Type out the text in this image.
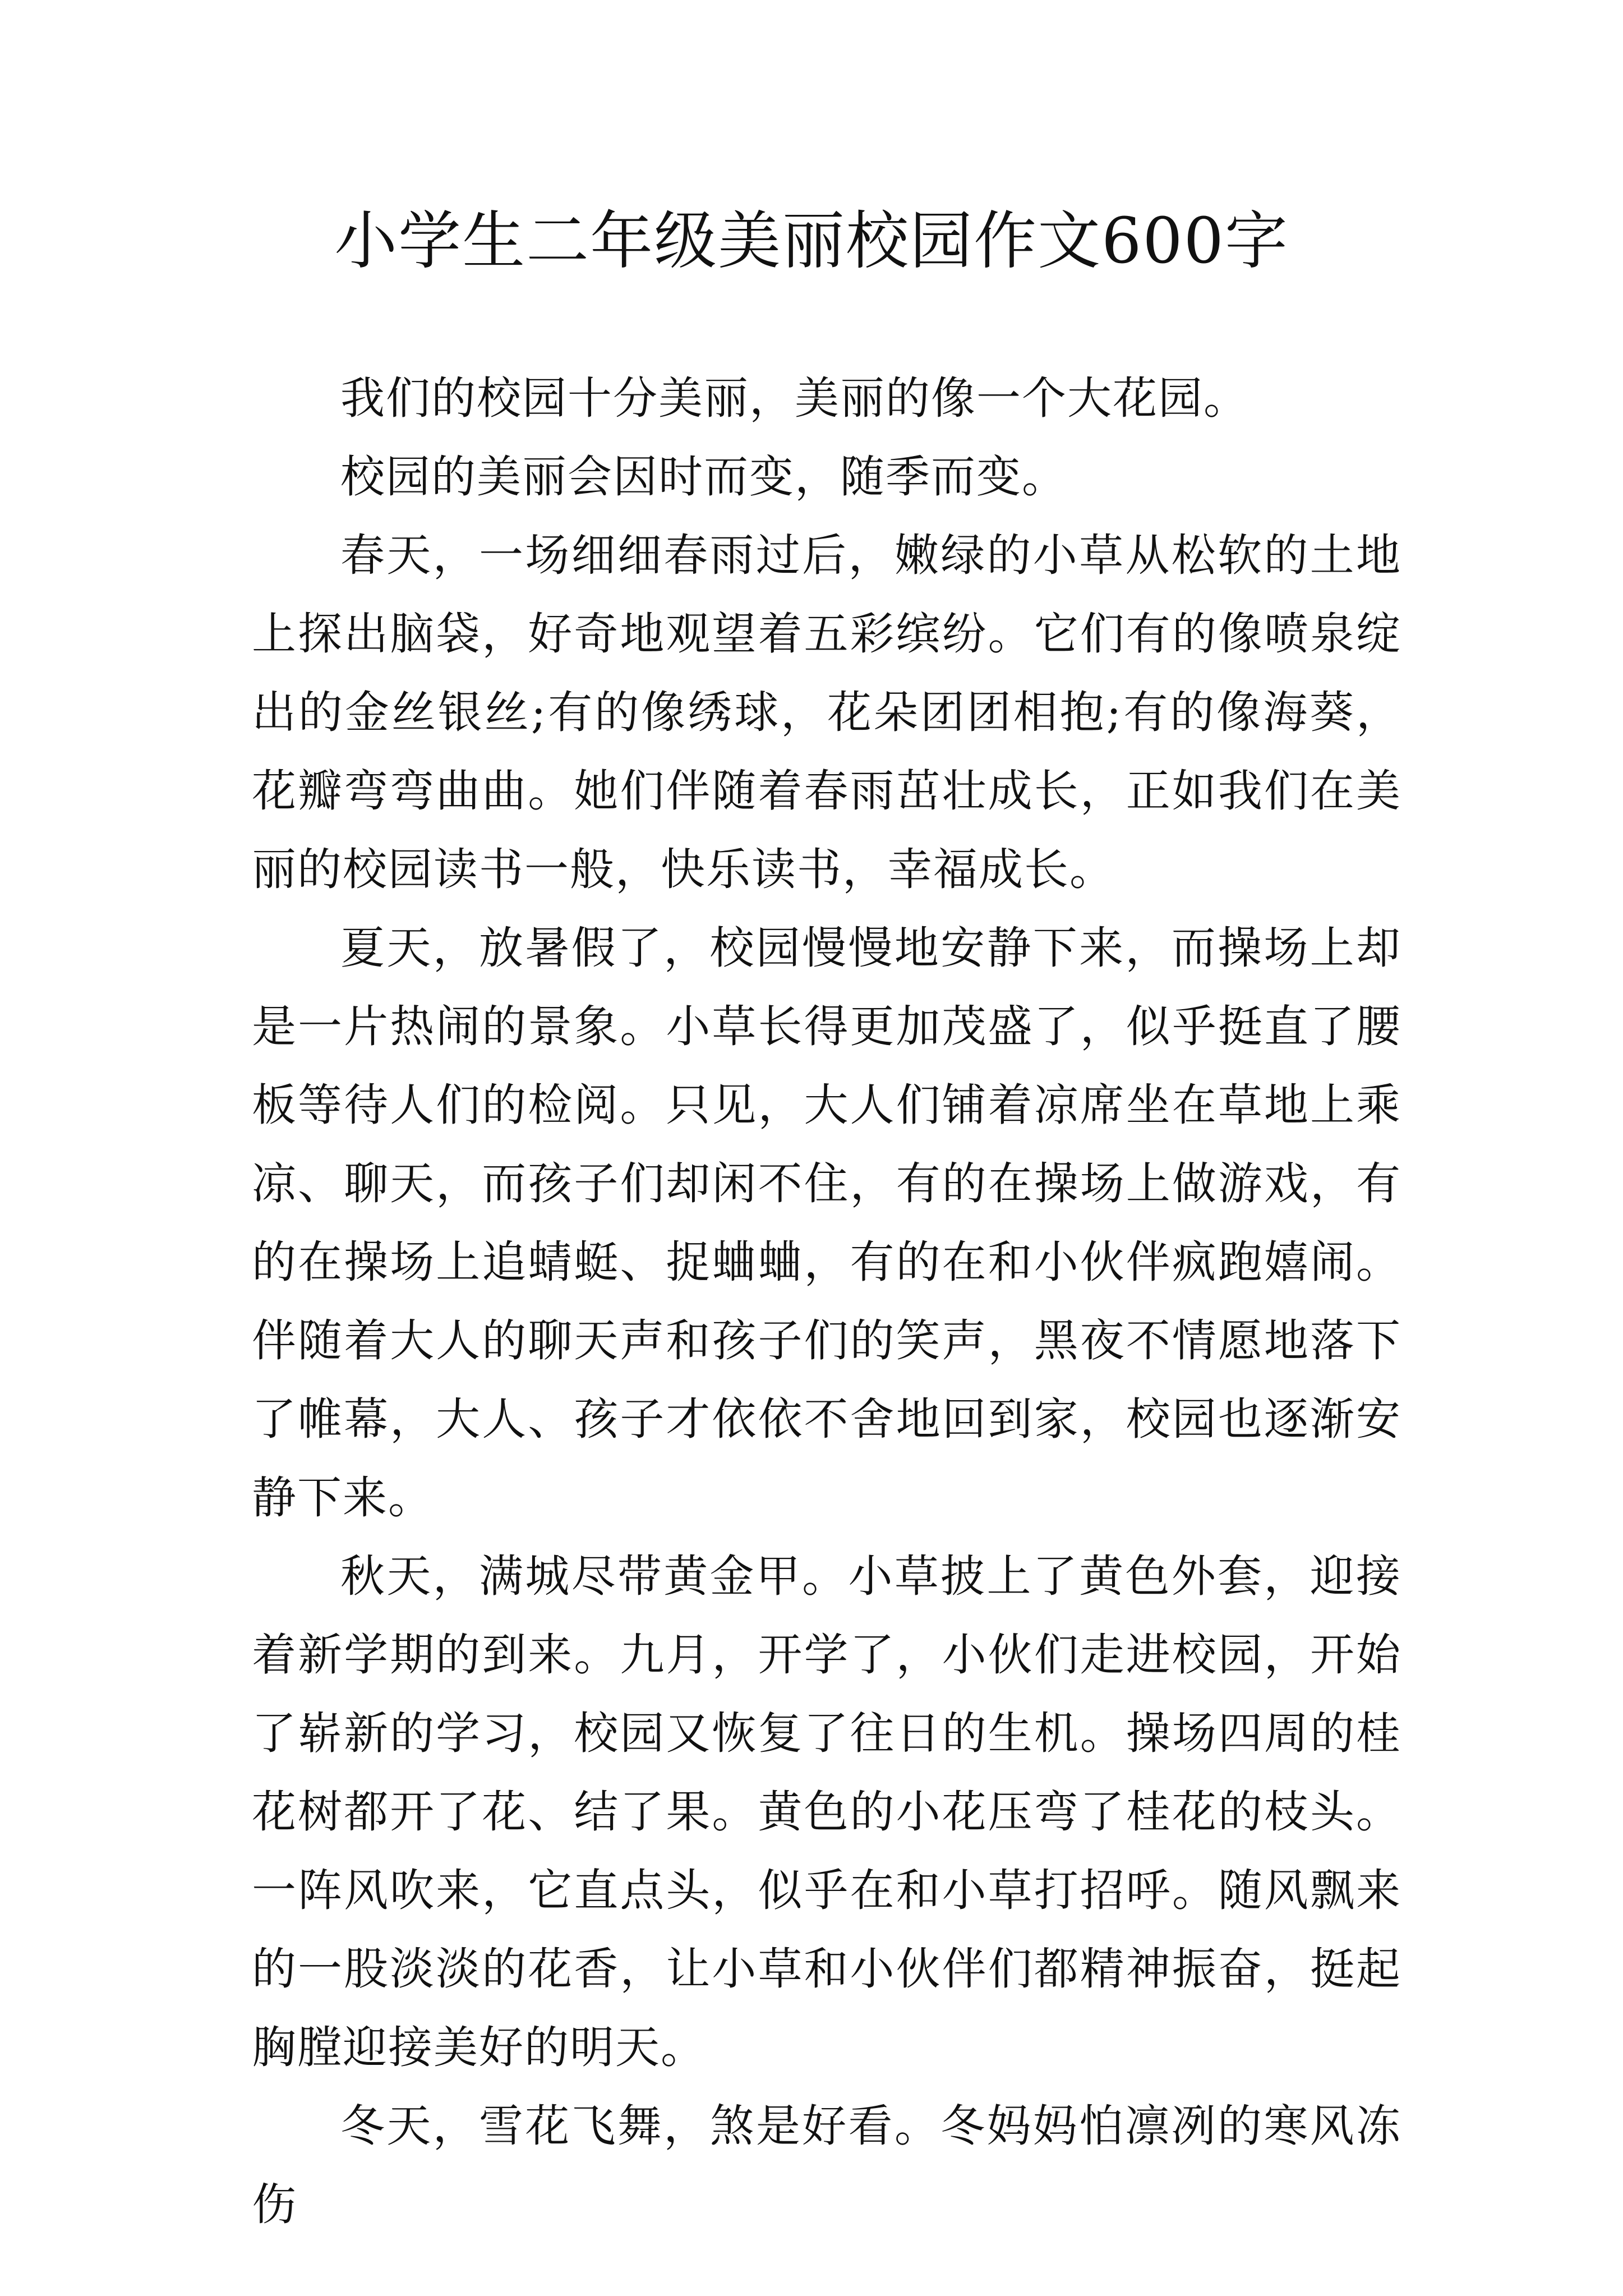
小学生二年级美丽校园作文600字

我们的校园十分美丽，美丽的像一个大花园。

校园的美丽会因时而变，随季而变。

春天，一场细细春雨过后，嫩绿的小草从松软的土地上探出脑袋，好奇地观望着五彩缤纷。它们有的像喷泉绽出的金丝银丝;有的像绣球，花朵团团相抱;有的像海葵，花瓣弯弯曲曲。她们伴随着春雨茁壮成长，正如我们在美丽的校园读书一般，快乐读书，幸福成长。

夏天，放暑假了，校园慢慢地安静下来，而操场上却是一片热闹的景象。小草长得更加茂盛了，似乎挺直了腰板等待人们的检阅。只见，大人们铺着凉席坐在草地上乘凉、聊天，而孩子们却闲不住，有的在操场上做游戏，有的在操场上追蜻蜓、捉蛐蛐，有的在和小伙伴疯跑嬉闹。伴随着大人的聊天声和孩子们的笑声，黑夜不情愿地落下了帷幕，大人、孩子才依依不舍地回到家，校园也逐渐安静下来。

秋天，满城尽带黄金甲。小草披上了黄色外套，迎接着新学期的到来。九月，开学了，小伙们走进校园，开始了崭新的学习，校园又恢复了往日的生机。操场四周的桂花树都开了花、结了果。黄色的小花压弯了桂花的枝头。一阵风吹来，它直点头，似乎在和小草打招呼。随风飘来的一股淡淡的花香，让小草和小伙伴们都精神振奋，挺起胸膛迎接美好的明天。

冬天，雪花飞舞，煞是好看。冬妈妈怕凛冽的寒风冻伤
